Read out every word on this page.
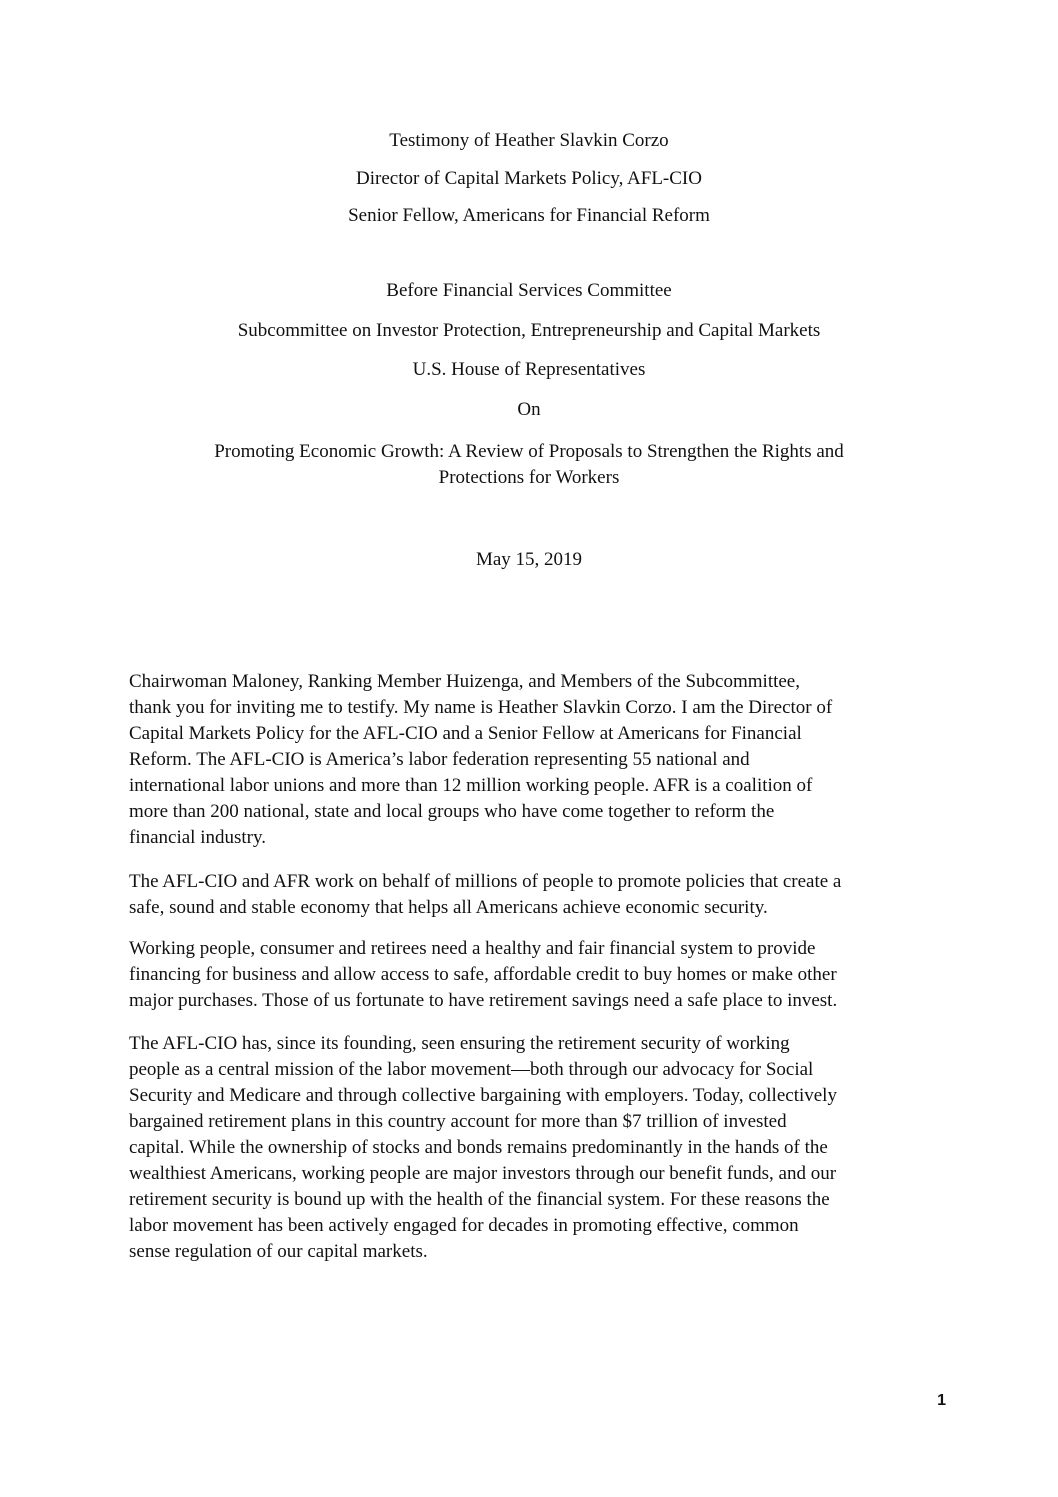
Testimony of Heather Slavkin Corzo

Director of Capital Markets Policy, AFL-CIO

Senior Fellow, Americans for Financial Reform

Before Financial Services Committee

Subcommittee on Investor Protection, Entrepreneurship and Capital Markets

U.S. House of Representatives

On

Promoting Economic Growth: A Review of Proposals to Strengthen the Rights and

Protections for Workers

May 15, 2019

Chairwoman Maloney, Ranking Member Huizenga, and Members of the Subcommittee,

thank you for inviting me to testify. My name is Heather Slavkin Corzo. I am the Director of

Capital Markets Policy for the AFL-CIO and a Senior Fellow at Americans for Financial

Reform. The AFL-CIO is America’s labor federation representing 55 national and

international labor unions and more than 12 million working people. AFR is a coalition of

more than 200 national, state and local groups who have come together to reform the

financial industry.

The AFL-CIO and AFR work on behalf of millions of people to promote policies that create a

safe, sound and stable economy that helps all Americans achieve economic security.

Working people, consumer and retirees need a healthy and fair financial system to provide

financing for business and allow access to safe, affordable credit to buy homes or make other

major purchases. Those of us fortunate to have retirement savings need a safe place to invest.

The AFL-CIO has, since its founding, seen ensuring the retirement security of working

people as a central mission of the labor movement—both through our advocacy for Social

Security and Medicare and through collective bargaining with employers. Today, collectively

bargained retirement plans in this country account for more than $7 trillion of invested

capital. While the ownership of stocks and bonds remains predominantly in the hands of the

wealthiest Americans, working people are major investors through our benefit funds, and our

retirement security is bound up with the health of the financial system. For these reasons the

labor movement has been actively engaged for decades in promoting effective, common

sense regulation of our capital markets.

1
